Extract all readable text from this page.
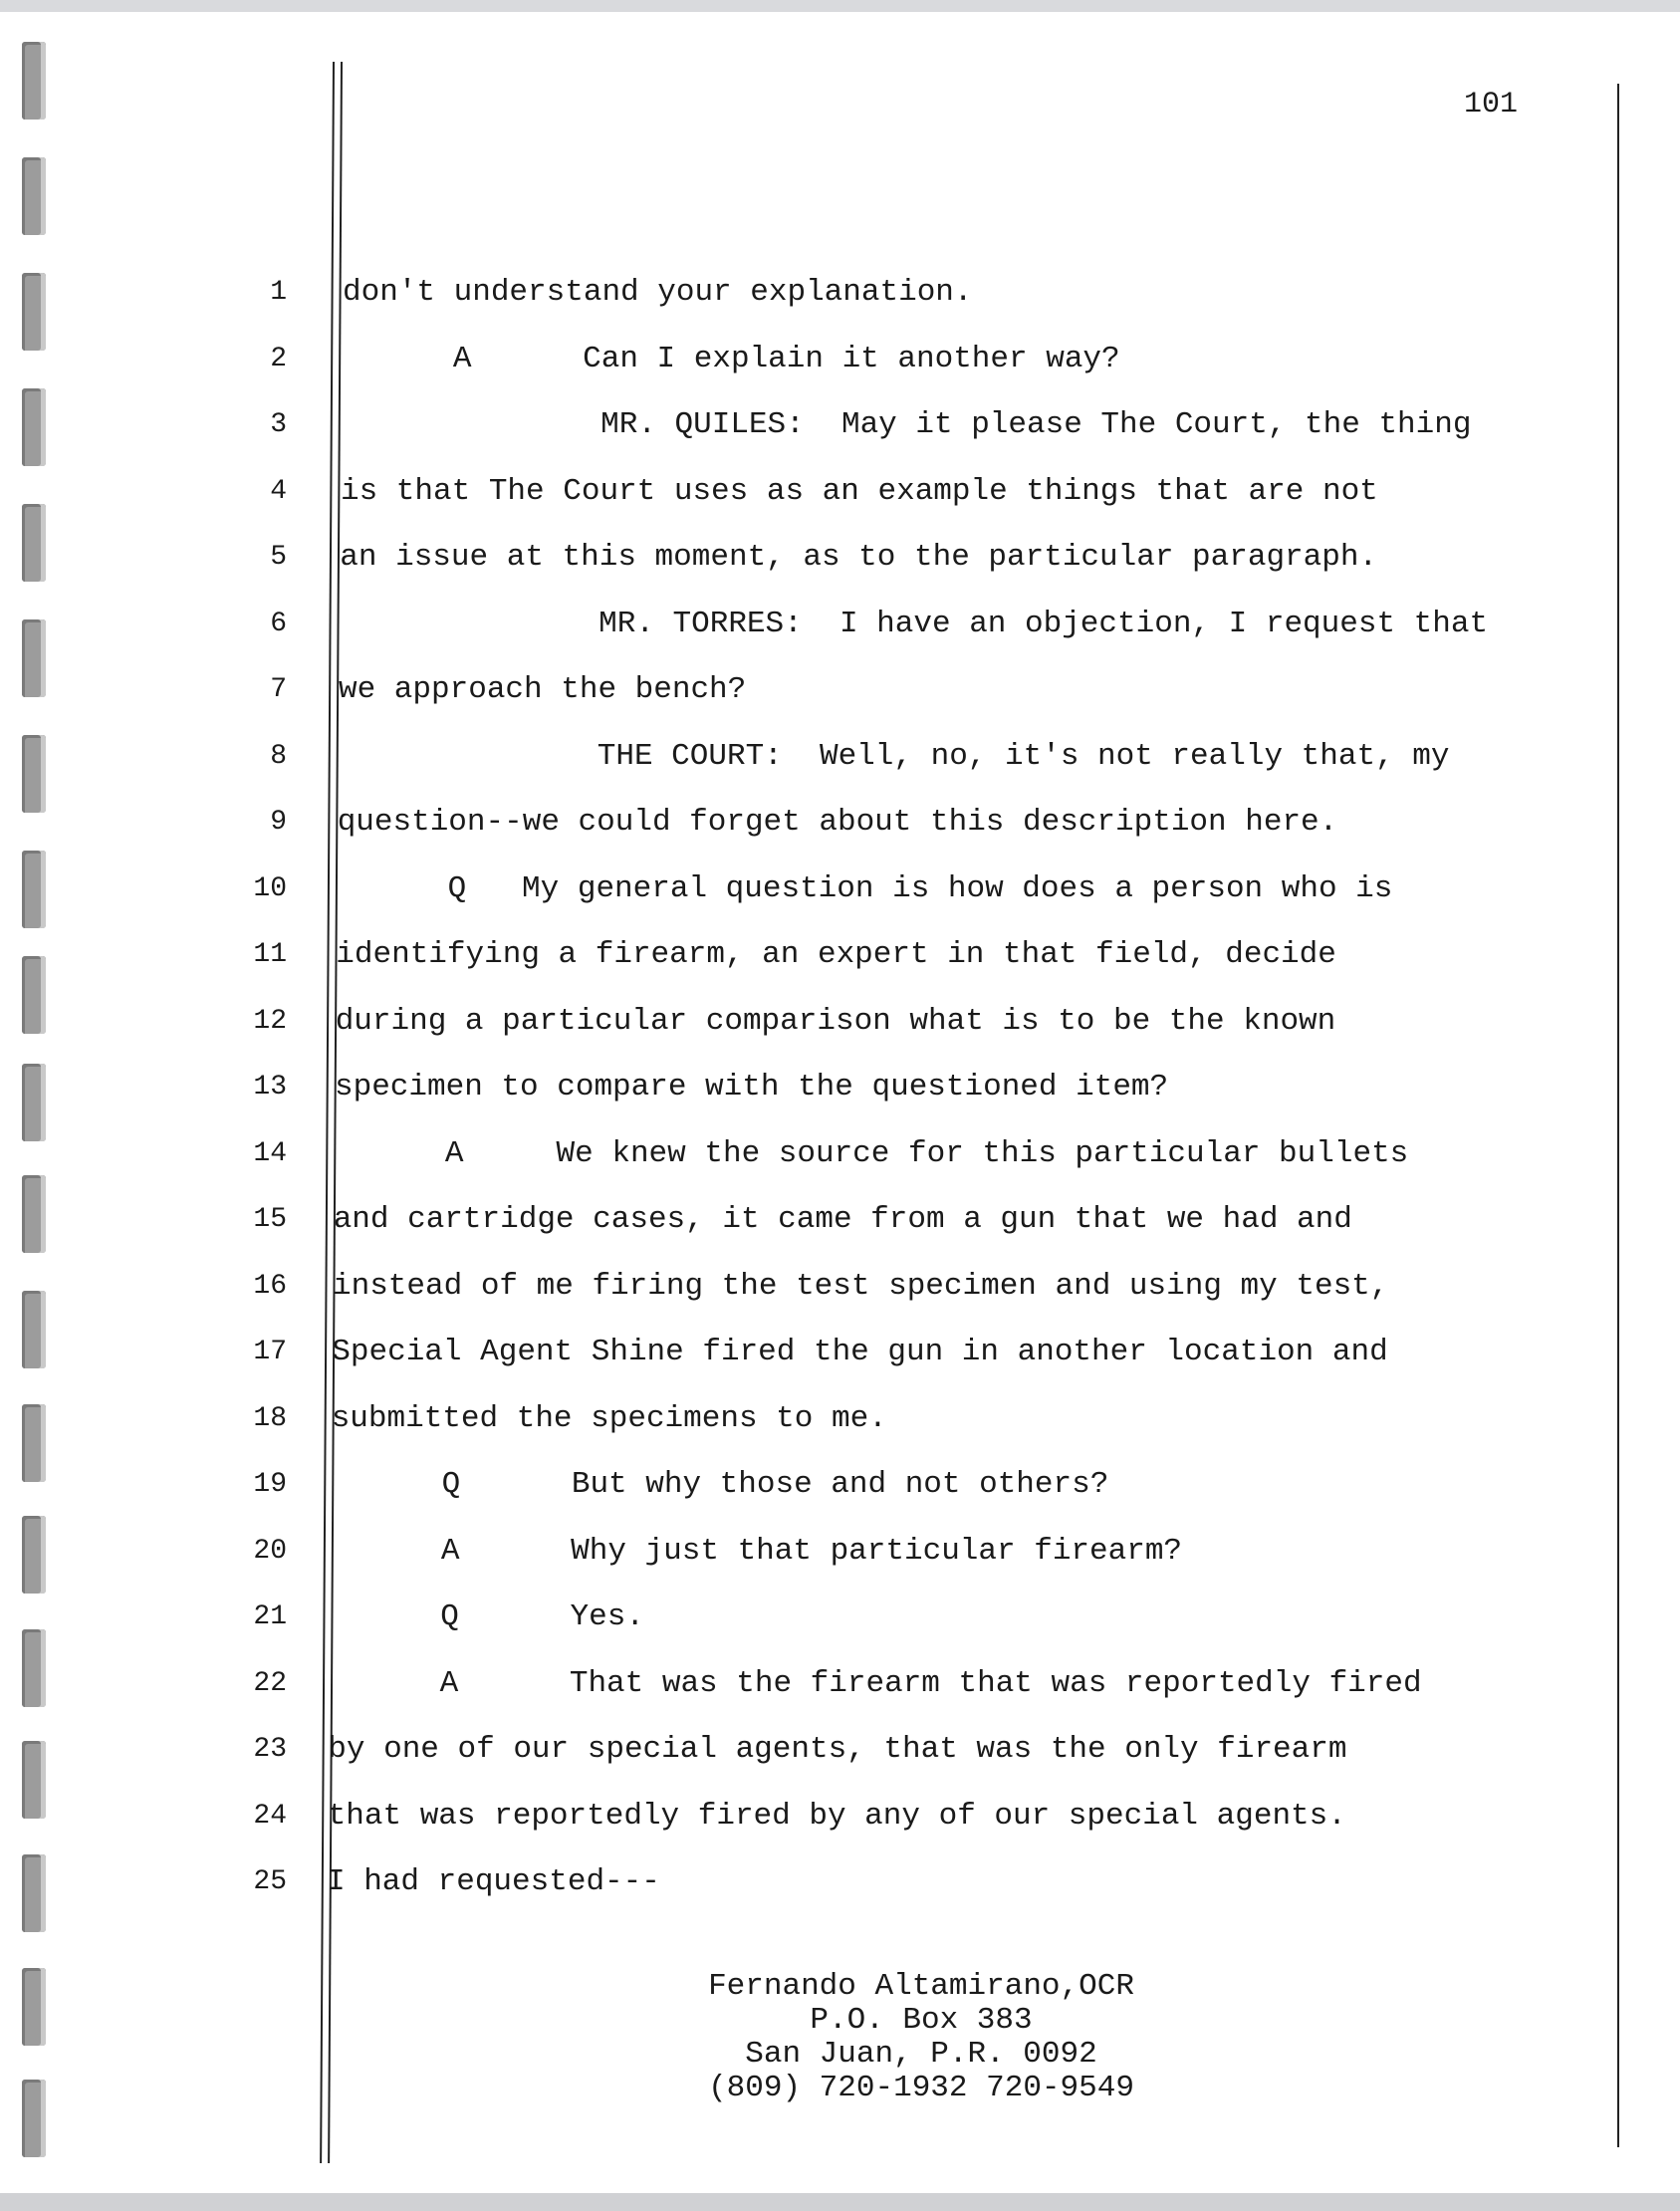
101
1 don't understand your explanation.
2 A      Can I explain it another way?
3 MR. QUILES:  May it please The Court, the thing
4 is that The Court uses as an example things that are not
5 an issue at this moment, as to the particular paragraph.
6 MR. TORRES:  I have an objection, I request that
7 we approach the bench?
8 THE COURT:  Well, no, it's not really that, my
9 question--we could forget about this description here.
10 Q   My general question is how does a person who is
11 identifying a firearm, an expert in that field, decide
12 during a particular comparison what is to be the known
13 specimen to compare with the questioned item?
14 A     We knew the source for this particular bullets
15 and cartridge cases, it came from a gun that we had and
16 instead of me firing the test specimen and using my test,
17 Special Agent Shine fired the gun in another location and
18 submitted the specimens to me.
19 Q      But why those and not others?
20 A      Why just that particular firearm?
21 Q      Yes.
22 A      That was the firearm that was reportedly fired
23 by one of our special agents, that was the only firearm
24 that was reportedly fired by any of our special agents.
25 I had requested---
Fernando Altamirano,OCR
P.O. Box 383
San Juan, P.R. 0092
(809) 720-1932 720-9549
